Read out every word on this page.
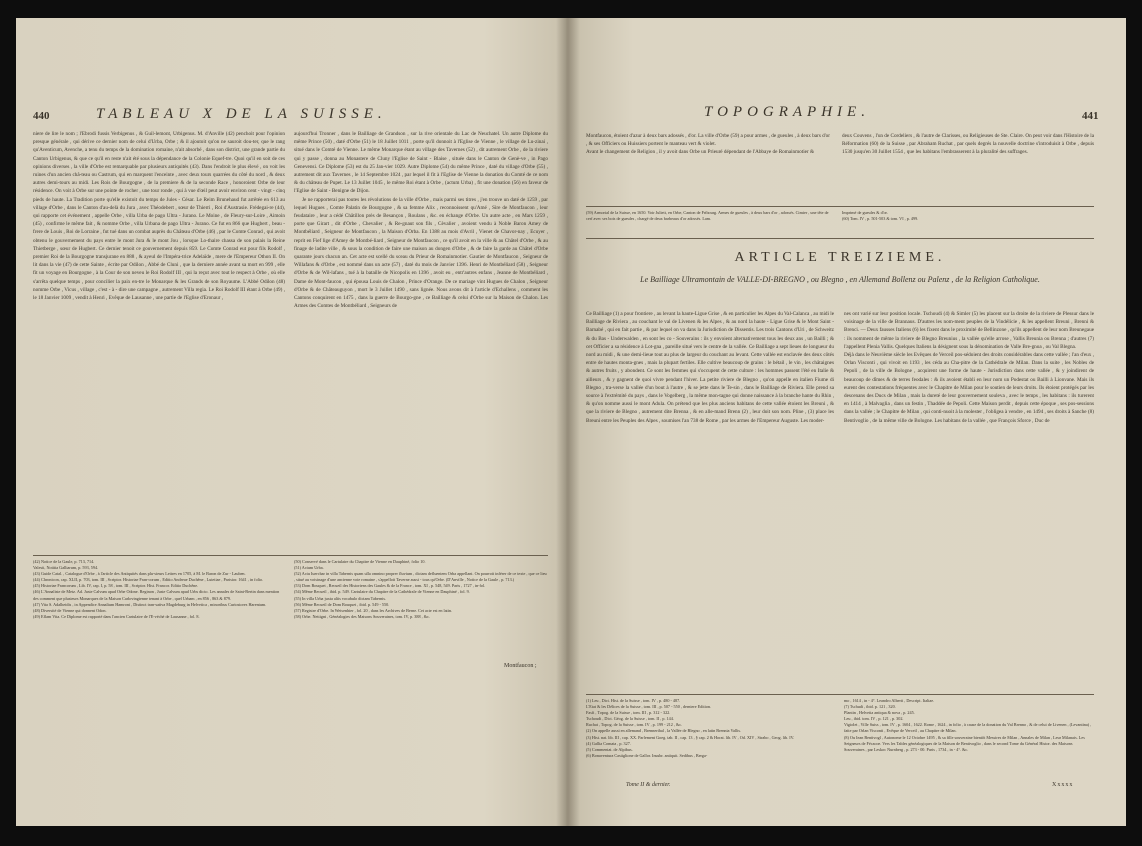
440	TABLEAU X DE LA SUISSE.

niere de lire le nom ; l'Ebrodi fussis Verbigenus , & Guil-lemont, Urbigenus. M. d'Anville (42) penchoit pour l'opinion presque générale , qui dérive ce dernier nom de celui d'Urba, Orbe ; & il ajoutoit qu'on ne sauroit dou-ter, que le rang qu'Aventicum, Avenche, a tenu du temps de la domination romaine, n'ait absorbé , dans son district, une grande partie du Canton Urbigenus, & que ce qu'il en reste n'ait été sous la dépendance de la Colonie Equef-tre. Quoi qu'il en soit de ces opinions diverses , la ville d'Orbe est remarquable par plusieurs antiquités (43). Dans l'endroit le plus élevé , on voit les ruines d'un ancien châ-teau ou Castrum, qui en marquent l'enceinte , avec deux tours quarrées du côté du nord , & deux autres demi-tours au midi. Les Rois de Bourgogne , de la premiere & de la seconde Race , honoroient Orbe de leur résidence. On voit à Orbe sur une pointe de rocher , une tour ronde , qui à vue d'œil peut avoir environ cent - vingt - cinq pieds de haute. La Tradition porte qu'elle existoit du temps de Jules - César. Le Reim Brunehaud fut arrêtée en 613 au village d'Orbe , dans le Canton d'au-delà du Jura , avec Théodebert , sœur de Thierri , Roi d'Austrasie. Frédegai-re (44), qui rapporte cet événement , appelle Orbe , villa Urba de pago Ultra - Jurano. Le Moine , de Fleury-sur-Loire , Aimoin (45) , confirme le même fait , & nomme Orbe , villa Urbana de pago Ultra - Jurano. Ce fut en 866 que Hugbert , beau - frere de Louis , Roi de Lorraine , fut tué dans un combat auprès du Château d'Orbe (46) , par le Comte Conrad , qui avoit obtenu le gouvernement du pays entre le mont Jura & le mont Jou , lorsque Lo-thaire chassa de son palais la Reine Thietberge , sœur de Hugbert. Ce dernier tenoit ce gouvernement depuis 859. Le Comte Conrad eut pour fils Rodolf , premier Roi de la Bourgogne transjurane en 888 , & ayeul de l'Impéra-trice Adelaïde , mere de l'Empereur Othon II. On lit dans la vie (47) de cette Sainte , écrite par Odilon , Abbé de Cluni , que la derniere année avant sa mort en 999 , elle fit un voyage en Bourgogne , à la Cour de son neveu le Roi Rodolf III , qui la reçut avec tout le respect à Orbe , où elle s'arrêta quelque temps , pour concilier la paix en-tre le Monarque & les Grands de son Royaume. L'Abbé Odilon (48) nomme Orbe , Vicus , village , c'est - à - dire une campagne , autrement Villa regia. Le Roi Rodolf III étant à Orbe (49) , le 18 Janvier 1009 , vendit à Henri , Evêque de Lausanne , une partie de l'Eglise d'Eronaur ,

aujourd'hui Tronner , dans le Bailliage de Grandson , sur la rive orientale du Lac de Neuchatel. Un autre Diplome du même Prince (50) , daté d'Orbe (51) le 18 Juillet 1011 , porte qu'il donnoit à l'Eglise de Vienne , le village de Lu-zinai , situé dans le Comté de Vienne. Le même Monarque étant au village des Tavernes (52) , dit autrement Orbe , de la riviere qui y passe , donna au Monastere de Cluny l'Eglise de Saint - Blaise , située dans le Canton de Genè-ve , in Pago Genevensi. Ce Diplome (53) est du 25 Jan-vier 1029. Autre Diplome (54) du même Prince , daté du village d'Orbe (55) , autrement dit aux Tavernes , le 14 Septembre 1024 , par lequel il fit à l'Eglise de Vienne la donation du Comté de ce nom & du château de Pupet. Le 13 Juillet 1045 , le même Roi étant à Orbe , (actum Urba) , fit une donation (56) en faveur de l'Eglise de Saint - Benigne de Dijon.

Je ne rapporterai pas toutes les révolutions de la ville d'Orbe , mais parmi ses titres , j'en trouve un daté de 1259 , par lequel Hugues , Comte Palatin de Bourgogne , & sa femme Alix , reconnoissent qu'Amé , Sire de Montfaucon , leur feudataire , leur a cédé Châtillon près de Besançon , Roulans , &c. en échange d'Orbe. Un autre acte , en Mars 1259 , porte que Girart , dit d'Orbe , Chevalier , & Re-gnaut son fils , Cèvalier , avoient vendu à Noble Baron Amey de Montbéliard , Seigneur de Montfaucon , la Maison d'Orba. En 1388 au mois d'Avril , Vienet de Chavor-nay , Ecuyer , reprit en Fief lige d'Amey de Montbé-liard , Seigneur de Montfaucon , ce qu'il avoit en la ville & au Châtel d'Orbe , & au finage de ladite ville , & sous la condition de faire une maison au dongen d'Orbe , & de faire la garde au Châtel d'Orbe quarante jours chacun an. Cet acte est scellé du sceau du Prieur de Romainmotier. Gautier de Montfaucon , Seigneur de Willafans & d'Orbe , est nommé dans un acte (57) , daté du mois de Janvier 1396. Henri de Montbéliard (58) , Seigneur d'Orbe & de Wil-lafans , tué à la bataille de Nicopolis en 1396 , avoit eu , entr'autres enfans , Jeanne de Montbéliard , Dame de Mont-faucon , qui épousa Louis de Chalon , Prince d'Orange. De ce mariage vint Hugues de Chalon , Seigneur d'Orbe & de Châteauguyon , mort le 3 Juillet 1490 , sans lignée. Nous avons dit à l'article d'Echallens , comment les Cantons conquirent en 1475 , dans la guerre de Bourgo-gne , ce Bailliage & celui d'Orbe sur la Maison de Chalon. Les Armes des Comtes de Montbéliard , Seigneurs de

(42) Notice de la Gaule, p. 713, 714.

Valesii, Notitia Galliarum, p. 593, 594.

(43) Guide Catal. , Catalogue d'Orbe , à l'article des Antiquités dans plu-sieurs Lettres en 1705, à M. le Baron de Zur - Lauben.

(44) Chronicon, cap. XLII, p. 703, tom. III , Scriptor. Historiae Fran-corum , Editio Andreae Duchêne , Lutetiae , Parisior. 1641 , in folio.

(45) Historiae Francorum , Lib. IV, cap. I, p. 58 , tom. III , Scriptor. Hist. Francor. Editio Duchêne.

(46) L'Annaliste de Metz. Ad. Juste Calvum apud Orbe Odone. Reginon , Juste Calvum apud Urbs dicto. Les annales de Saint-Bertin dans mention des comment que plusieurs Monarques de la Maison Carlovingienne tenant à Orbe , quel Urbam , en 856 , 863 & 879.

(47) Vita S. Adalheidis , in Appendice Annalium Hamroni , Distinct tran-sativa Magdeburg in Helvetica , minoribus Curiosiores Harentum.

(48) Diversité de Vienne qui donnent Odon.

(49) Eflam Vita. Ce Diplome est rapporté dans l'ancien Cartulaire de l'E-véché de Lausanne , fol. 8.

(50) Conservé dans le Cartulaire du Chapitre de Vienne en Dauphiné, folio 10.

(51) Actum Urba.

(52) Actu Iuercbar in villa Tabernis quam ulla omnino proprer fluvium , dictam defluentem Orba appellant. On pourroit inférer de ce texte , que ce lieu , situé au voisinage d'une ancienne voie romaine , s'appelloit Taverne aussi - tous qu'Orbe. (D'Anville , Notice de la Gaule , p. 713.)

(53) Dom Bouquet , Recueil des Historiens des Gaules & de la France , tom. XI , p. 548, 549. Paris , 1727 , in-fol.

(54) Même Recueil , ibid. p. 549. Cartulaire du Chapitre de la Cathédrale de Vienne en Dauphiné , fol. 9.

(55) In villa Urba juxta aliis vocabulo dictam Tabernis.

(56) Même Recueil de Dom Bouquet , ibid. p. 549 - 550.

(57) Registre d'Orbe. In Weisenhier , fol. 20 , dans les Archives de Berne. Cet acte est en latin.

(58) Orbe. Nettigni , Généalogies des Maisons Souveraines, tom. IV, p. 388 , &c.

Montfaucon ;
TOPOGRAPHIE.	441
Montfaucon, étoient d'azur à deux bars adossés , d'or. La ville d'Orbe (59) a pour armes , de gueules , à deux bars d'or , & ses Officiers ou Huissiers portent le manteau vert & violet.
Avant le changement de Religion , il y avoit dans Orbe un Prieuré dépendant de l'Abbaye de Romainmotier &
deux Couvens , l'un de Cordeliers , & l'autre de Clarisses, ou Religieuses de Ste. Claire. On peut voir dans l'Histoire de la Réformation (60) de la Suisse , par Abraham Ruchat , par quels degrés la nouvelle doctrine s'introduisit à Orbe , depuis 1530 jusqu'en 30 Juillet 1554 , que les habitans l'embrasserent à la pluralité des suffrages.
(59) Armorial de la Suisse, en 1650. Voir Juliett, en Orbe, Canton de Fribourg. Armes de gueules , à deux bars d'or , adossés. Cimier , une tête de cerf avec ses bois de gueules , chargé de deux barbeaux d'or adossés. Lam.
Imprimé de gueules & d'or.
(60) Tom. IV , p. 501-503 & tom. VI , p. 499.
ARTICLE TREIZIEME.
Le Bailliage Ultramontain de VALLE-DI-BREGNO , ou Blegno , en Allemand Bollenz ou Palenz , de la Religion Catholique.

Ce Bailliage (1) a pour frontiere , au levant la haute-Ligue Grise , & en particulier les Alpes du Val-Calanca , au midi le Bailliage de Riviera , au couchant le val de Livenen & les Alpes , & au nord la haute - Ligue Grise & le Mont Saint - Barnabé , qui en fait partie , & par lequel on va dans la Jurisdiction de Dissentis. Les trois Cantons d'Uri , de Schweitz & du Bas - Underwalden , en sont les co - Souverains : ils y envoient alternativement tous les deux ans , un Bailli ; & cet Officier a sa résidence à Lot-gna , pareille situé vers le centre de la vallée. Ce Bailliage a sept lieues de longueur du nord au midi , & une demi-lieue tout au plus de largeur du couchant au levant. Cette vallée est enclavée des deux côtés entre de hautes monta-gnes , mais la plupart fertiles. Elle cultive beaucoup de grains : le bétail , le vin , les châtaignes & autres fruits , y abondent. Ce sont les femmes qui s'occupent de cette culture : les hommes passent l'été en Italie & ailleurs , & y gagnent de quoi vivre pendant l'hiver. La petite riviere de Blegno , qu'on appelle en italien Fiume di Blegno , tra-verse la vallée d'un bout à l'autre , & se jette dans le Te-sin , dans le Bailliage de Riviera. Elle prend sa source à l'extrémité du pays , dans le Vogelberg , la même mon-tagne qui donne naissance à la branche hante du Rhin , & qu'on nomme aussi le mont Adula. On prétend que les plus anciens habitans de cette vallée étoient les Breuni , & que la riviere de Blegno , autrement dite Brenna , & en alle-mand Brenn (2) , leur doit son nom. Pline , (3) place les Breuni entre les Peuples des Alpes , soumises l'an 738 de Rome , par les armes de l'Empereur Auguste. Les moder-

nes ont varié sur leur position locale. Tschoudi (4) & Simler (5) les placent sur la droite de la riviere de Plessur dans le voisinage de la ville de Brannaus. D'autres les nom-ment peuples de la Vindélicie , & les appellent Breuni , Brenni & Brenci. — Deux fausses Italiens (6) les fixent dans le proximité de Bellinzone , qu'ils appellent de leur nom Breunegaue : ils nomment de même la riviere de Blegno Breunius , la vallée qu'elle arrose , Vallis Breunia ou Brenna ; d'autres (7) l'appellent Plenia Vallis. Quelques Italiens la désignent sous la dénomination de Valle Bre-gnoa , ou Val Blegna.
Déjà dans le Neuvième siècle les Evêques de Verceil pos-sédoient des droits considérables dans cette vallée ; l'an d'eux , Orlan Visconti , qui vivoit en 1193 , les céda au Cha-pitre de la Cathédrale de Milan. Dans la suite , les Nobles de Pepoli , de la ville de Bologne , acquirent une forme de haute - Jurisdiction dans cette vallée , & y joindirent de beaucoup de dîmes & de terres feodales : & ils avoient établi en leur nom un Podestat ou Bailli à Lionvane. Mais ils eurent des contestations fréquentes avec le Chapitre de Milan pour le soutien de leurs droits. Ils étoient protégés par les descenans des Ducs de Milan , mais la dureté de leur gouvernement souleva , avec le temps , les habitans : ils turerent en 1414 , à Malvaglia , dans un festin , Thaddée de Pepoli. Cette Maison perdit , depuis cette époque , ses pos-sessions dans la vallée ; le Chapitre de Milan , qui conti-nuoit à la molester , l'obligea à vendre , en 1494 , ses droits à Sanche (8) Bentivoglio , de la même ville de Bologne. Les habitans de la vallée , que François Sforce , Duc de

(1) Leu , Dict. Hist. de la Suisse , tom. IV , p. 480 - 487.

L'Etat & les Délices de la Suisse , tom. III , p. 507 - 550 , derniere Edition.

Fasfi , Topog. de la Suisse , tom. III , p. 312 - 322.

Tschoudi , Dict. Géog. de la Suisse , tom. II , p. 144.

Ruchat , Topog. de la Suisse , tom. IV , p. 199 - 212 , &c.

(2) On appelle aussi en allemand , Brennerthal , la Vallée de Blegno , en latin Brennia Vallis.

(3) Hist. nat. lib. III , cap. XX. Parlement Goeg. tab. II , cap. 13 , § cap. 2 & Horat. lib. IV , Od. XIV , Strabo , Geog. lib. IV.

(4) Gallia Comata , p. 327.

(5) Commentat. de Alpibus.

(6) Bonaventura Castiglione de Gallor. Insubr. antiquit. Sedibus , Berga-

mo , 1614 , in - 4°. Leandro Alberti , Descript. Italiae.

(7) Tschudi , ibid. p. 121 , 320.

Plantin , Helvetia antiqua & nova , p. 245.

Leu , ibid. tom. IV , p. 121 , p. 302.

Vigiolet , Ville Suiss , tom. IV , p. 1604 , 1622. Rome , 1624 , in folio , à cause de la donation du Val Brenno , & de celui de Livenen , (Levantina) , faite par Orlan Visconti , Evêque de Verceil , au Chapitre de Milan.

(8) Ou Iean Bentivogl , Autonome le 12 Octobre 1495 , & sa fille souveraine bientôt Messires de Milan , Annales de Milan , Leur Milanais. Les Seigneurs de Fécacoe. Vers les Tables généalogiques de la Maison de Bentivoglio , dans le second Tome du Général Histor. des Maisons Souveraines , par Leskoc Nurnberg , p. 273 - 00. Paris , 1734 , in - 4°. &c.

Tome II & dernier.	Xxxxx
